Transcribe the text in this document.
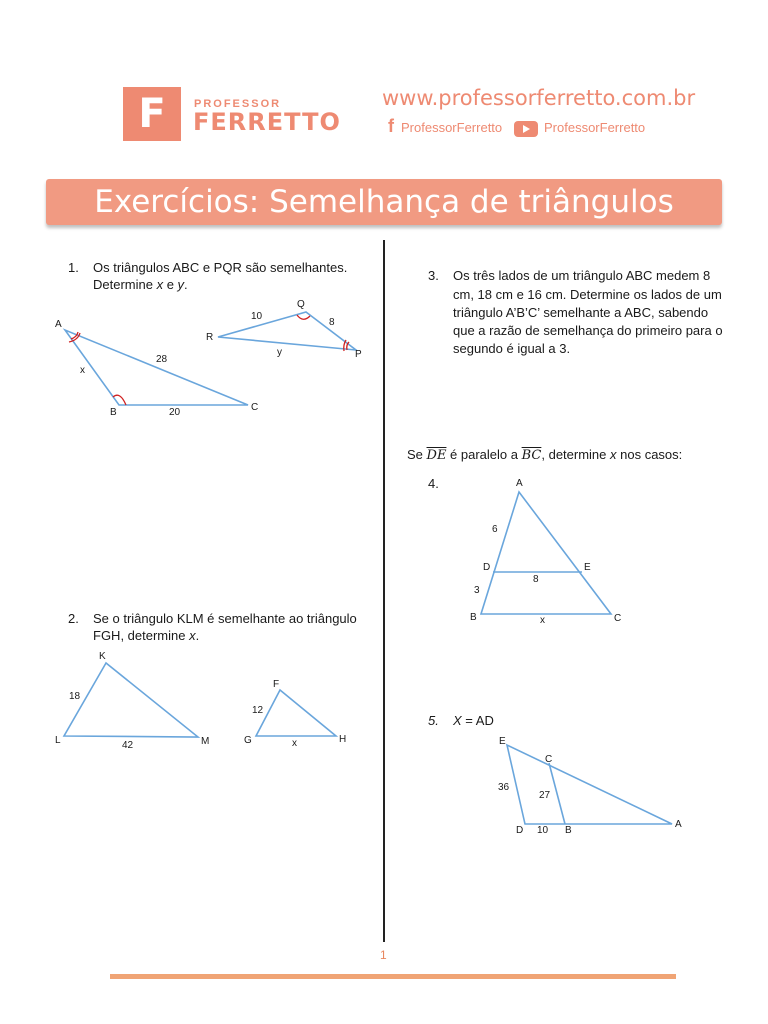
F	PROFESSOR
FERRETTO
www.professorferretto.com.br
f ProfessorFerretto	ProfessorFerretto
Exercícios: Semelhança de triângulos
1. Os triângulos ABC e PQR são semelhantes.
Determine x e y.
2. Se o triângulo KLM é semelhante ao triângulo
FGH, determine x.
3. Os três lados de um triângulo ABC medem 8
cm, 18 cm e 16 cm. Determine os lados de um
triângulo A’B’C’ semelhante a ABC, sabendo
que a razão de semelhança do primeiro para o
segundo é igual a 3.
Se $\overline{DE}$ é paralelo a $\overline{BC}$, determine x nos casos:
4.
5. X = AD
A
B	C
x
28
20
Q
R
P
10
8
y
K
L	M
18
42
F
G	H
12
x
A
B	C
D	E
6
3
8
x
E
C
D	B
A
36
27
10
1
